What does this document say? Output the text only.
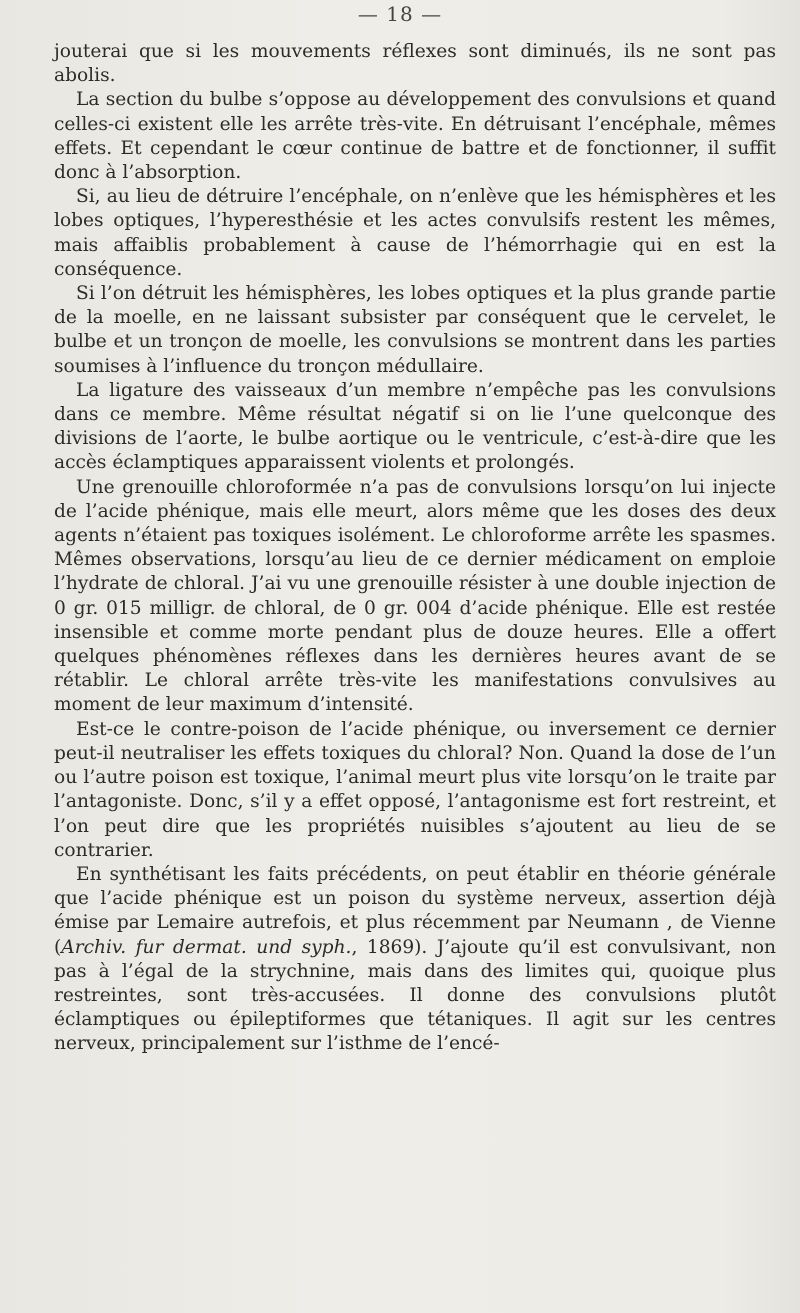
— 18 —

jouterai que si les mouvements réflexes sont diminués, ils ne sont pas abolis.

La section du bulbe s’oppose au développement des convulsions et quand celles-ci existent elle les arrête très-vite. En détruisant l’encéphale, mêmes effets. Et cependant le cœur continue de battre et de fonctionner, il suffit donc à l’absorption.

Si, au lieu de détruire l’encéphale, on n’enlève que les hémisphères et les lobes optiques, l’hyperesthésie et les actes convulsifs restent les mêmes, mais affaiblis probablement à cause de l’hémorrhagie qui en est la conséquence.

Si l’on détruit les hémisphères, les lobes optiques et la plus grande partie de la moelle, en ne laissant subsister par conséquent que le cervelet, le bulbe et un tronçon de moelle, les convulsions se montrent dans les parties soumises à l’influence du tronçon médullaire.

La ligature des vaisseaux d’un membre n’empêche pas les convulsions dans ce membre. Même résultat négatif si on lie l’une quelconque des divisions de l’aorte, le bulbe aortique ou le ventricule, c’est-à-dire que les accès éclamptiques apparaissent violents et prolongés.

Une grenouille chloroformée n’a pas de convulsions lorsqu’on lui injecte de l’acide phénique, mais elle meurt, alors même que les doses des deux agents n’étaient pas toxiques isolément. Le chloroforme arrête les spasmes. Mêmes observations, lorsqu’au lieu de ce dernier médicament on emploie l’hydrate de chloral. J’ai vu une grenouille résister à une double injection de 0 gr. 015 milligr. de chloral, de 0 gr. 004 d’acide phénique. Elle est restée insensible et comme morte pendant plus de douze heures. Elle a offert quelques phénomènes réflexes dans les dernières heures avant de se rétablir. Le chloral arrête très-vite les manifestations convulsives au moment de leur maximum d’intensité.

Est-ce le contre-poison de l’acide phénique, ou inversement ce dernier peut-il neutraliser les effets toxiques du chloral? Non. Quand la dose de l’un ou l’autre poison est toxique, l’animal meurt plus vite lorsqu’on le traite par l’antagoniste. Donc, s’il y a effet opposé, l’antagonisme est fort restreint, et l’on peut dire que les propriétés nuisibles s’ajoutent au lieu de se contrarier.

En synthétisant les faits précédents, on peut établir en théorie générale que l’acide phénique est un poison du système nerveux, assertion déjà émise par Lemaire autrefois, et plus récemment par Neumann , de Vienne (Archiv. fur dermat. und syph., 1869). J’ajoute qu’il est convulsivant, non pas à l’égal de la strychnine, mais dans des limites qui, quoique plus restreintes, sont très-accusées. Il donne des convulsions plutôt éclamptiques ou épileptiformes que tétaniques. Il agit sur les centres nerveux, principalement sur l’isthme de l’encé-
